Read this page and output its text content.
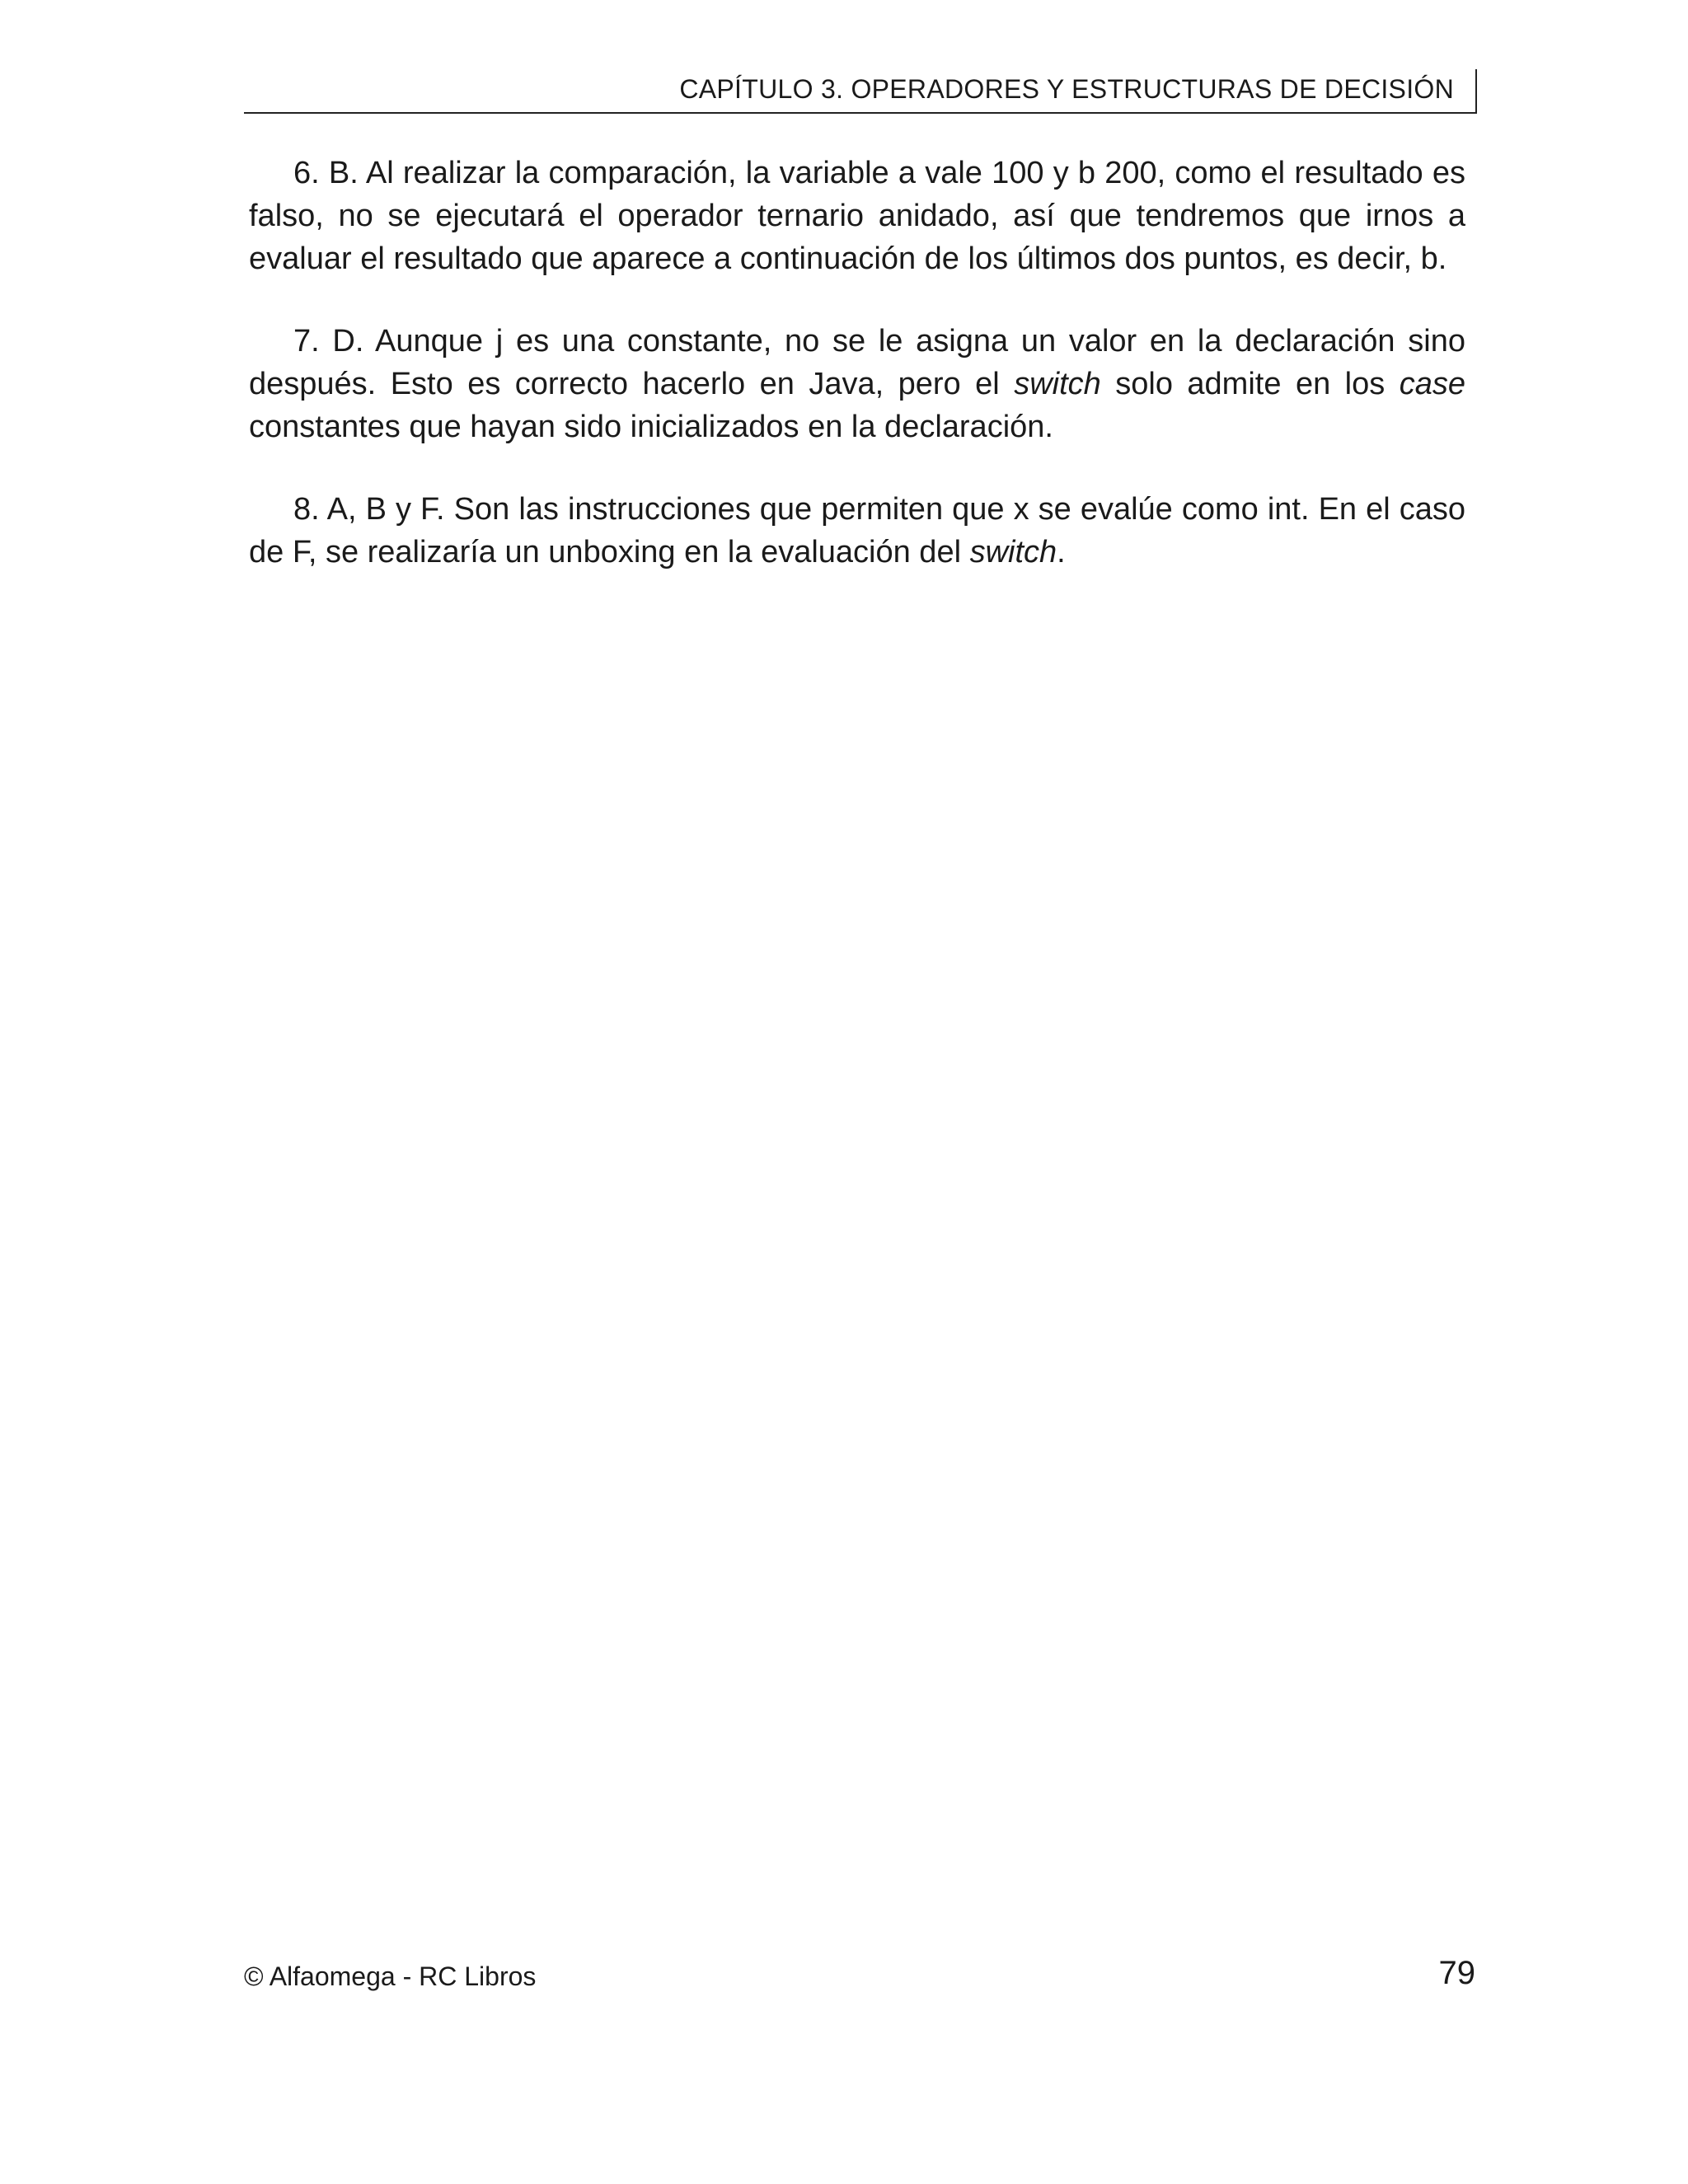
CAPÍTULO 3. OPERADORES Y ESTRUCTURAS DE DECISIÓN

6. B. Al realizar la comparación, la variable a vale 100 y b 200, como el resultado es falso, no se ejecutará el operador ternario anidado, así que tendremos que irnos a evaluar el resultado que aparece a continuación de los últimos dos puntos, es decir, b.

7. D. Aunque j es una constante, no se le asigna un valor en la declaración sino después. Esto es correcto hacerlo en Java, pero el switch solo admite en los case constantes que hayan sido inicializados en la declaración.

8. A, B y F. Son las instrucciones que permiten que x se evalúe como int. En el caso de F, se realizaría un unboxing en la evaluación del switch.

© Alfaomega - RC Libros	79
